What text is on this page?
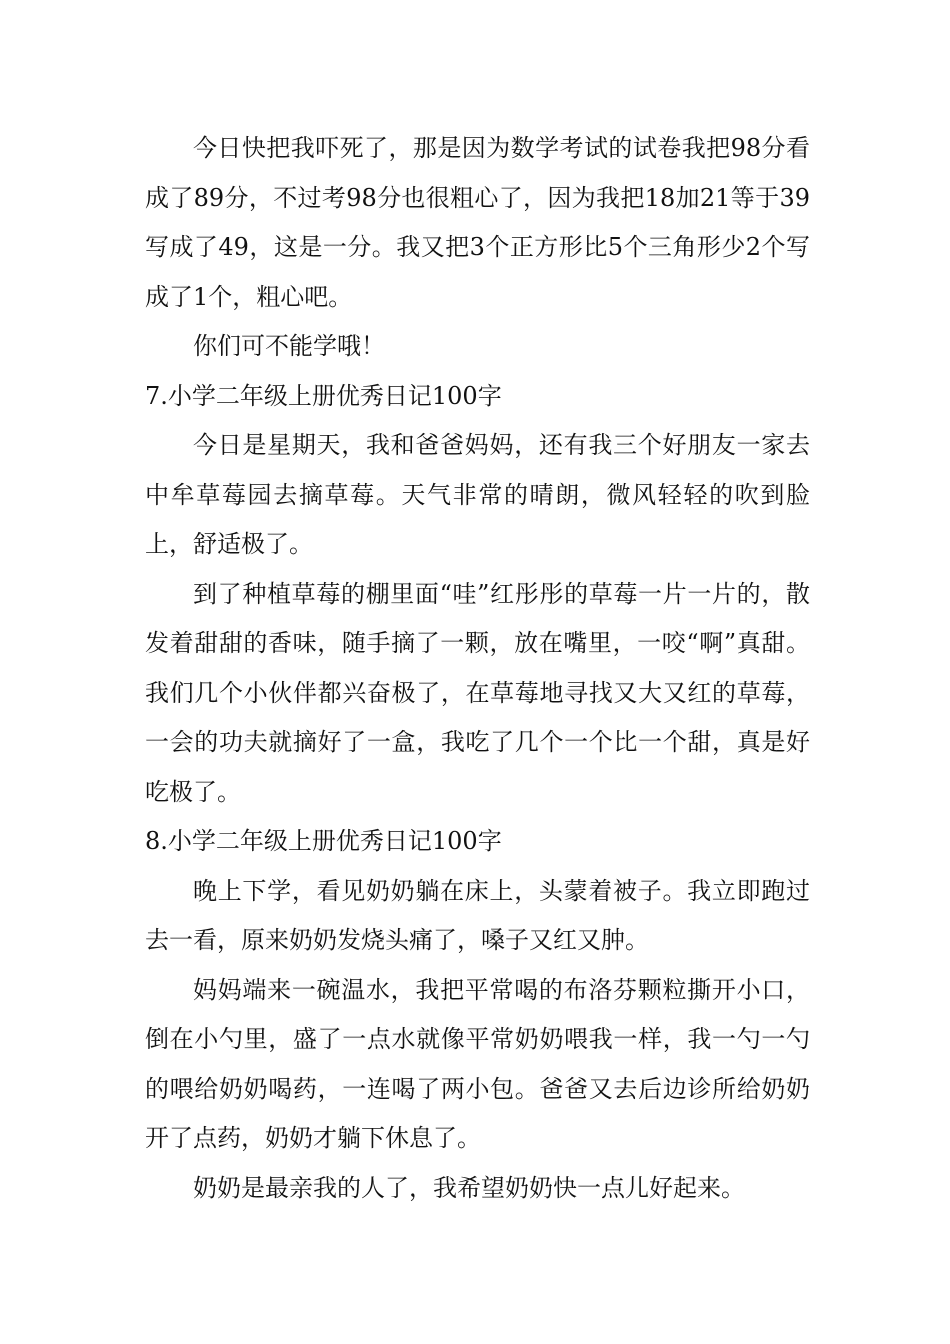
今日快把我吓死了，那是因为数学考试的试卷我把98分看成了89分，不过考98分也很粗心了，因为我把18加21等于39写成了49，这是一分。我又把3个正方形比5个三角形少2个写成了1个，粗心吧。

你们可不能学哦！

7.小学二年级上册优秀日记100字

今日是星期天，我和爸爸妈妈，还有我三个好朋友一家去中牟草莓园去摘草莓。天气非常的晴朗，微风轻轻的吹到脸上，舒适极了。

到了种植草莓的棚里面“哇”红彤彤的草莓一片一片的，散发着甜甜的香味，随手摘了一颗，放在嘴里，一咬“啊”真甜。我们几个小伙伴都兴奋极了，在草莓地寻找又大又红的草莓，一会的功夫就摘好了一盒，我吃了几个一个比一个甜，真是好吃极了。

8.小学二年级上册优秀日记100字

晚上下学，看见奶奶躺在床上，头蒙着被子。我立即跑过去一看，原来奶奶发烧头痛了，嗓子又红又肿。

妈妈端来一碗温水，我把平常喝的布洛芬颗粒撕开小口，倒在小勺里，盛了一点水就像平常奶奶喂我一样，我一勺一勺的喂给奶奶喝药，一连喝了两小包。爸爸又去后边诊所给奶奶开了点药，奶奶才躺下休息了。

奶奶是最亲我的人了，我希望奶奶快一点儿好起来。
